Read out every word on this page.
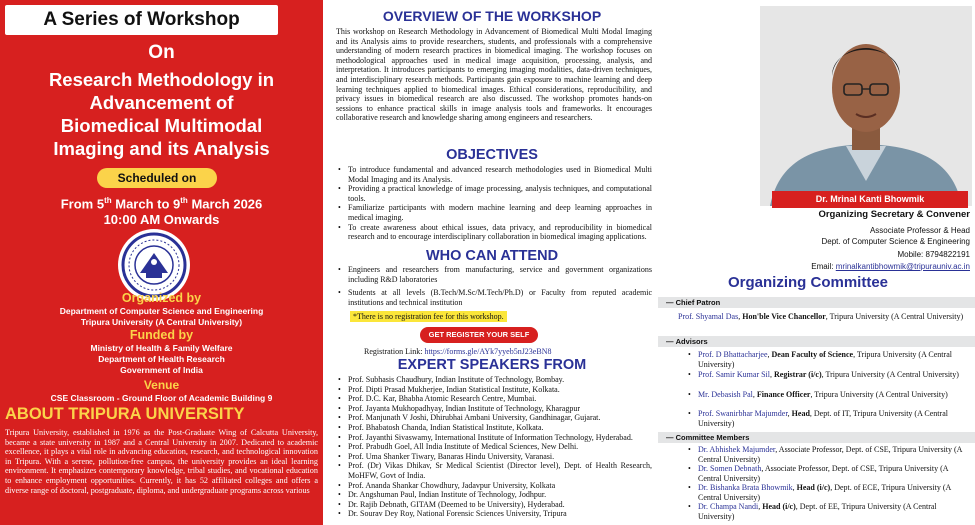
A Series of Workshop
On
Research Methodology in
Advancement of
Biomedical Multimodal
Imaging and its Analysis
Scheduled on
From 5th March to 9th March 2026
10:00 AM Onwards
Organized by
Department of Computer Science and Engineering
Tripura University (A Central University)
Funded by
Ministry of Health & Family Welfare
Department of Health Research
Government of India
Venue
CSE Classroom - Ground Floor of Academic Building 9
ABOUT TRIPURA UNIVERSITY
Tripura University, established in 1976 as the Post-Graduate Wing of Calcutta University, became a state university in 1987 and a Central University in 2007. Dedicated to academic excellence, it plays a vital role in advancing education, research, and technological innovation in Tripura. With a serene, pollution-free campus, the university provides an ideal learning environment. It emphasizes contemporary knowledge, tribal studies, and vocational education to enhance employment opportunities. Currently, it has 52 affiliated colleges and offers a diverse range of doctoral, postgraduate, diploma, and undergraduate programs across various
OVERVIEW OF THE WORKSHOP
This workshop on Research Methodology in Advancement of Biomedical Multi Modal Imaging and its Analysis aims to provide researchers, students, and professionals with a comprehensive understanding of modern research practices in biomedical imaging. The workshop focuses on methodological approaches used in medical image acquisition, processing, analysis, and interpretation. It introduces participants to emerging imaging modalities, data-driven techniques, and interdisciplinary research methods. Participants gain exposure to machine learning and deep learning techniques applied to biomedical images. Ethical considerations, reproducibility, and privacy issues in biomedical research are also discussed. The workshop promotes hands-on sessions to enhance practical skills in image analysis tools and frameworks. It encourages collaborative research and knowledge sharing among engineers and researchers.
OBJECTIVES
• To introduce fundamental and advanced research methodologies used in Biomedical Multi Modal Imaging and its Analysis.
• Providing a practical knowledge of image processing, analysis techniques, and computational tools.
• Familiarize participants with modern machine learning and deep learning approaches in medical imaging.
• To create awareness about ethical issues, data privacy, and reproducibility in biomedical research and to encourage interdisciplinary collaboration in biomedical imaging applications.
WHO CAN ATTEND
• Engineers and researchers from manufacturing, service and government organizations including R&D laboratories
• Students at all levels (B.Tech/M.Sc/M.Tech/Ph.D) or Faculty from reputed academic institutions and technical institution
*There is no registration fee for this workshop.
GET REGISTER YOUR SELF
Registration Link: https://forms.gle/AYk7yyeb5nJ23eBN8
EXPERT SPEAKERS FROM
• Prof. Subhasis Chaudhury, Indian Institute of Technology, Bombay.
• Prof. Dipti Prasad Mukherjee, Indian Statistical Institute, Kolkata.
• Prof. D.C. Kar, Bhabha Atomic Research Centre, Mumbai.
• Prof. Jayanta Mukhopadhyay, Indian Institute of Technology, Kharagpur
• Prof. Manjunath V Joshi, Dhirubhai Ambani University, Gandhinagar, Gujarat.
• Prof. Bhabatosh Chanda, Indian Statistical Institute, Kolkata.
• Prof. Jayanthi Sivaswamy, International Institute of Information Technology, Hyderabad.
• Prof. Prabudh Goel, All India Institute of Medical Sciences, New Delhi.
• Prof. Uma Shanker Tiwary, Banaras Hindu University, Varanasi.
• Prof. (Dr) Vikas Dhikav, Sr Medical Scientist (Director level), Dept. of Health Research, MoHFW, Govt of India.
• Prof. Ananda Shankar Chowdhury, Jadavpur University, Kolkata
• Dr. Angshuman Paul, Indian Institute of Technology, Jodhpur.
• Dr. Rajib Debnath, GITAM (Deemed to be University), Hyderabad.
• Dr. Sourav Dey Roy, National Forensic Sciences University, Tripura
Dr. Mrinal Kanti Bhowmik
Organizing Secretary & Convener
Associate Professor & Head
Dept. of Computer Science & Engineering
Mobile: 8794822191
Email: mrinalkantibhowmik@tripurauniv.ac.in
Organizing Committee
— Chief Patron
Prof. Shyamal Das, Hon'ble Vice Chancellor, Tripura University (A Central University)
— Advisors
• Prof. D Bhattacharjee, Dean Faculty of Science, Tripura University (A Central University)
• Prof. Samir Kumar Sil, Registrar (i/c), Tripura University (A Central University)
• Mr. Debasish Pal, Finance Officer, Tripura University (A Central University)
• Prof. Swanirbhar Majumder, Head, Dept. of IT, Tripura University (A Central University)
— Committee Members
• Dr. Abhishek Majumder, Associate Professor, Dept. of CSE, Tripura University (A Central University)
• Dr. Somen Debnath, Associate Professor, Dept. of CSE, Tripura University (A Central University)
• Dr. Bishanka Brata Bhowmik, Head (i/c), Dept. of ECE, Tripura University (A Central University)
• Dr. Champa Nandi, Head (i/c), Dept. of EE, Tripura University (A Central University)
